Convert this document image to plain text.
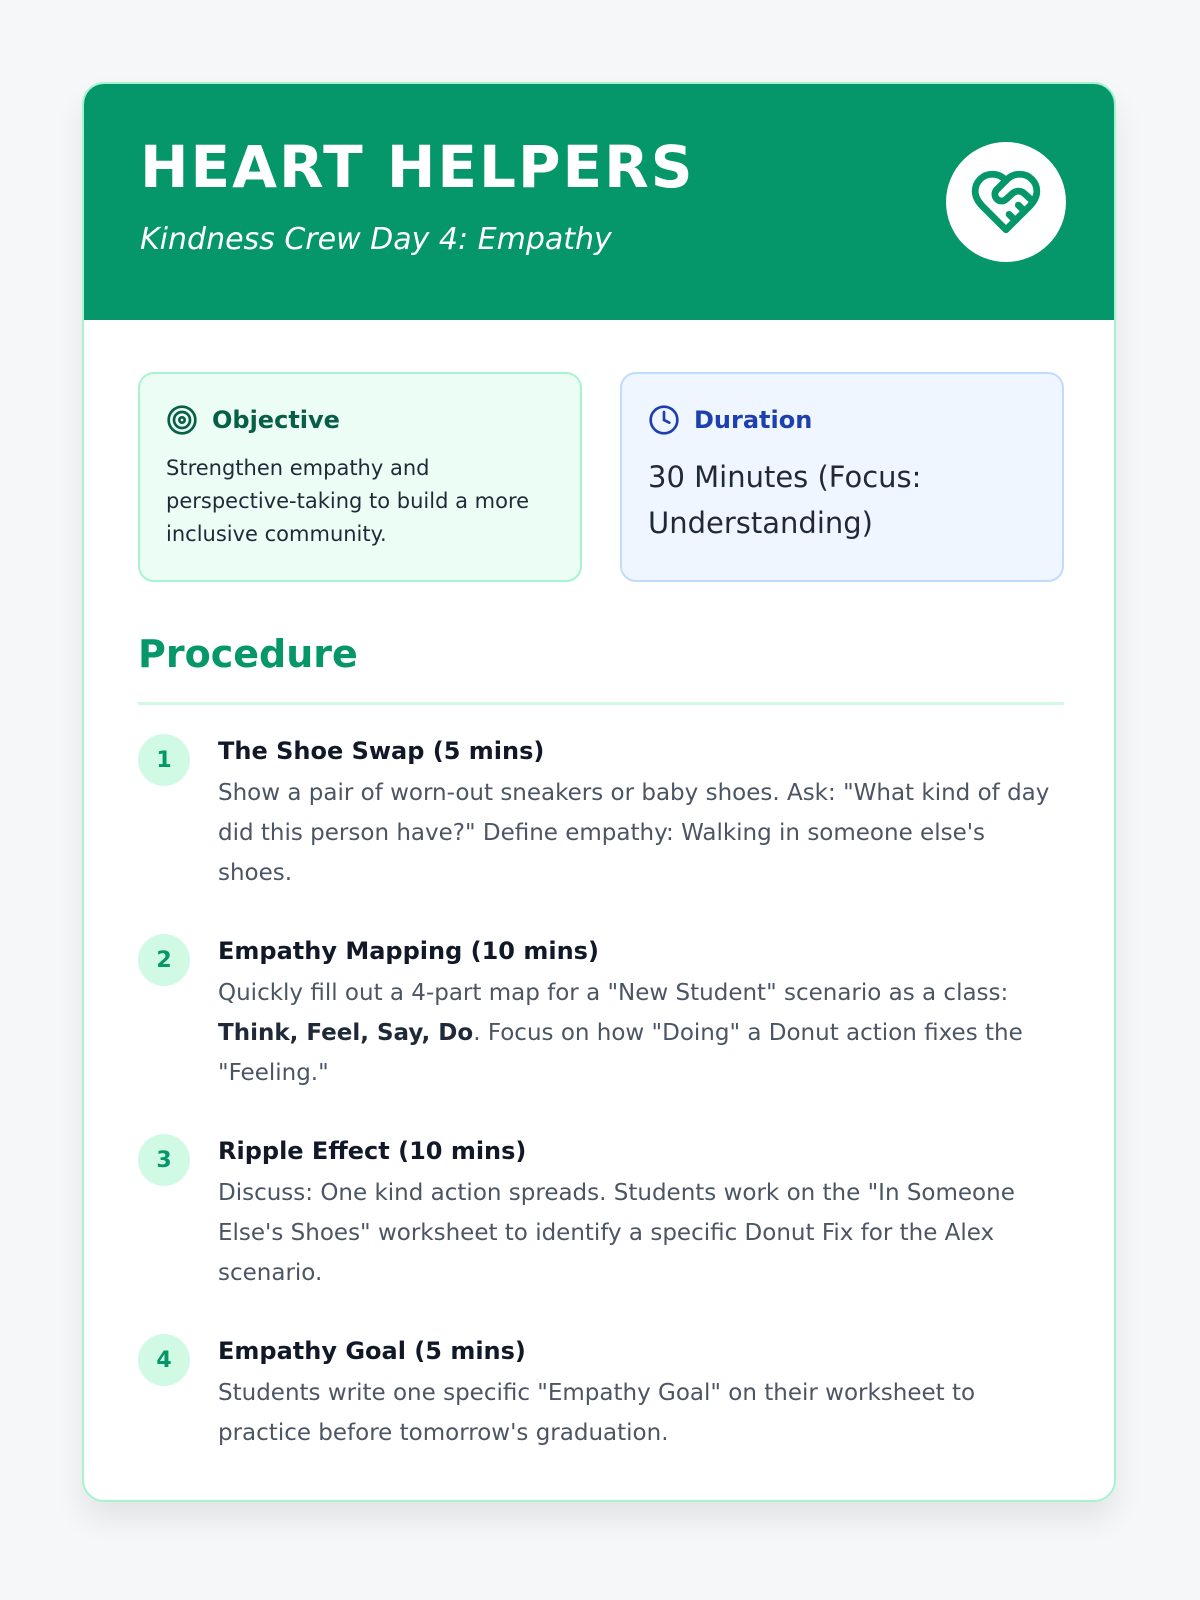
HEART HELPERS
Kindness Crew Day 4: Empathy
Objective
Strengthen empathy and perspective-taking to build a more inclusive community.
Duration
30 Minutes (Focus: Understanding)
Procedure
1	The Shoe Swap (5 mins)
Show a pair of worn-out sneakers or baby shoes. Ask: "What kind of day did this person have?" Define empathy: Walking in someone else's shoes.
2	Empathy Mapping (10 mins)
Quickly fill out a 4-part map for a "New Student" scenario as a class: Think, Feel, Say, Do. Focus on how "Doing" a Donut action fixes the "Feeling."
3	Ripple Effect (10 mins)
Discuss: One kind action spreads. Students work on the "In Someone Else's Shoes" worksheet to identify a specific Donut Fix for the Alex scenario.
4	Empathy Goal (5 mins)
Students write one specific "Empathy Goal" on their worksheet to practice before tomorrow's graduation.
